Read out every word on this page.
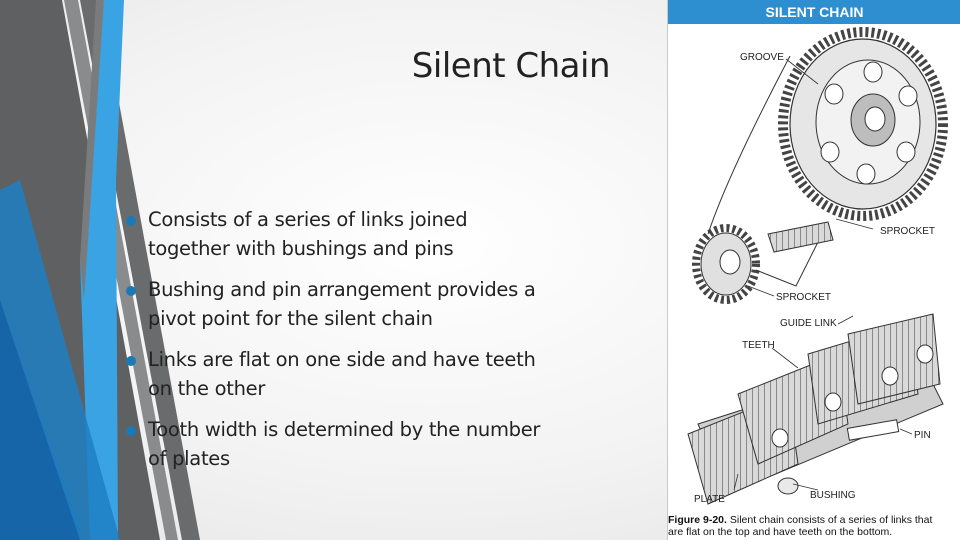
Silent Chain
Consists of a series of links joined together with bushings and pins
Bushing and pin arrangement provides a pivot point for the silent chain
Links are flat on one side and have teeth on the other
Tooth width is determined by the number of plates
SILENT CHAIN
GROOVE
SPROCKET
SPROCKET
GUIDE LINK
TEETH
PIN
PLATE	BUSHING
Figure 9-20. Silent chain consists of a series of links that
are flat on the top and have teeth on the bottom.
